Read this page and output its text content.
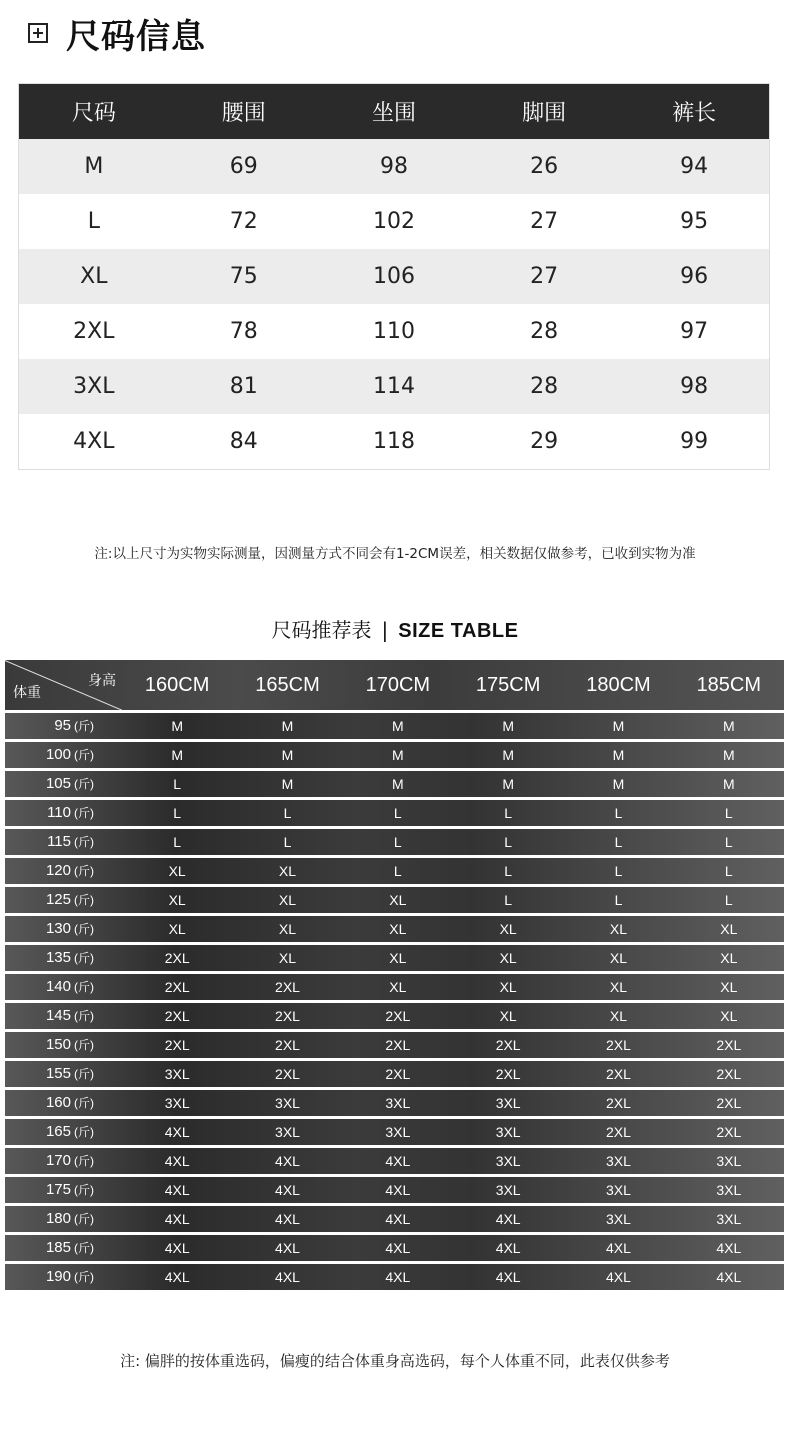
尺码信息
尺码	腰围	坐围	脚围	裤长
M	69	98	26	94
L	72	102	27	95
XL	75	106	27	96
2XL	78	110	28	97
3XL	81	114	28	98
4XL	84	118	29	99
注:以上尺寸为实物实际测量，因测量方式不同会有1-2CM误差，相关数据仅做参考，已收到实物为准
尺码推荐表 | SIZE TABLE
身高
体重	160CM	165CM	170CM	175CM	180CM	185CM
95 (斤)	M	M	M	M	M	M
100 (斤)	M	M	M	M	M	M
105 (斤)	L	M	M	M	M	M
110 (斤)	L	L	L	L	L	L
115 (斤)	L	L	L	L	L	L
120 (斤)	XL	XL	L	L	L	L
125 (斤)	XL	XL	XL	L	L	L
130 (斤)	XL	XL	XL	XL	XL	XL
135 (斤)	2XL	XL	XL	XL	XL	XL
140 (斤)	2XL	2XL	XL	XL	XL	XL
145 (斤)	2XL	2XL	2XL	XL	XL	XL
150 (斤)	2XL	2XL	2XL	2XL	2XL	2XL
155 (斤)	3XL	2XL	2XL	2XL	2XL	2XL
160 (斤)	3XL	3XL	3XL	3XL	2XL	2XL
165 (斤)	4XL	3XL	3XL	3XL	2XL	2XL
170 (斤)	4XL	4XL	4XL	3XL	3XL	3XL
175 (斤)	4XL	4XL	4XL	3XL	3XL	3XL
180 (斤)	4XL	4XL	4XL	4XL	3XL	3XL
185 (斤)	4XL	4XL	4XL	4XL	4XL	4XL
190 (斤)	4XL	4XL	4XL	4XL	4XL	4XL
注: 偏胖的按体重选码，偏瘦的结合体重身高选码，每个人体重不同，此表仅供参考
